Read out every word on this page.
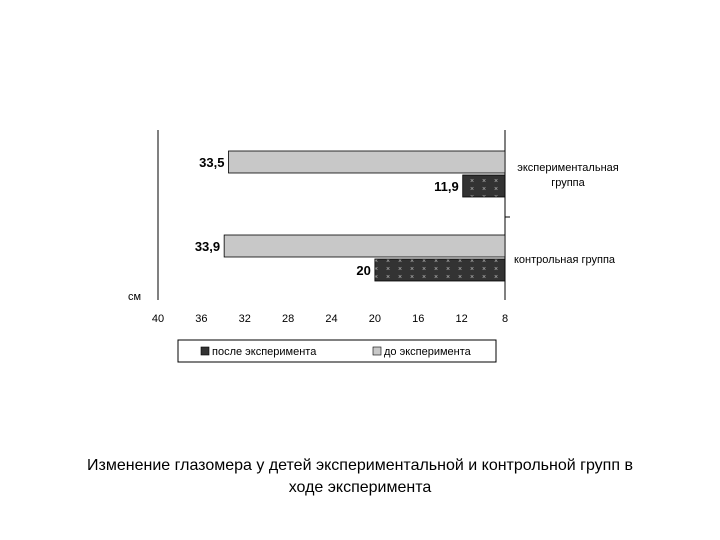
33,5
11,9
33,9
20
экспериментальная
группа
контрольная группа
см
40	36	32	28	24	20	16	12	8
после эксперимента	до эксперимента
Изменение глазомера у детей экспериментальной и контрольной групп в
ходе эксперимента
